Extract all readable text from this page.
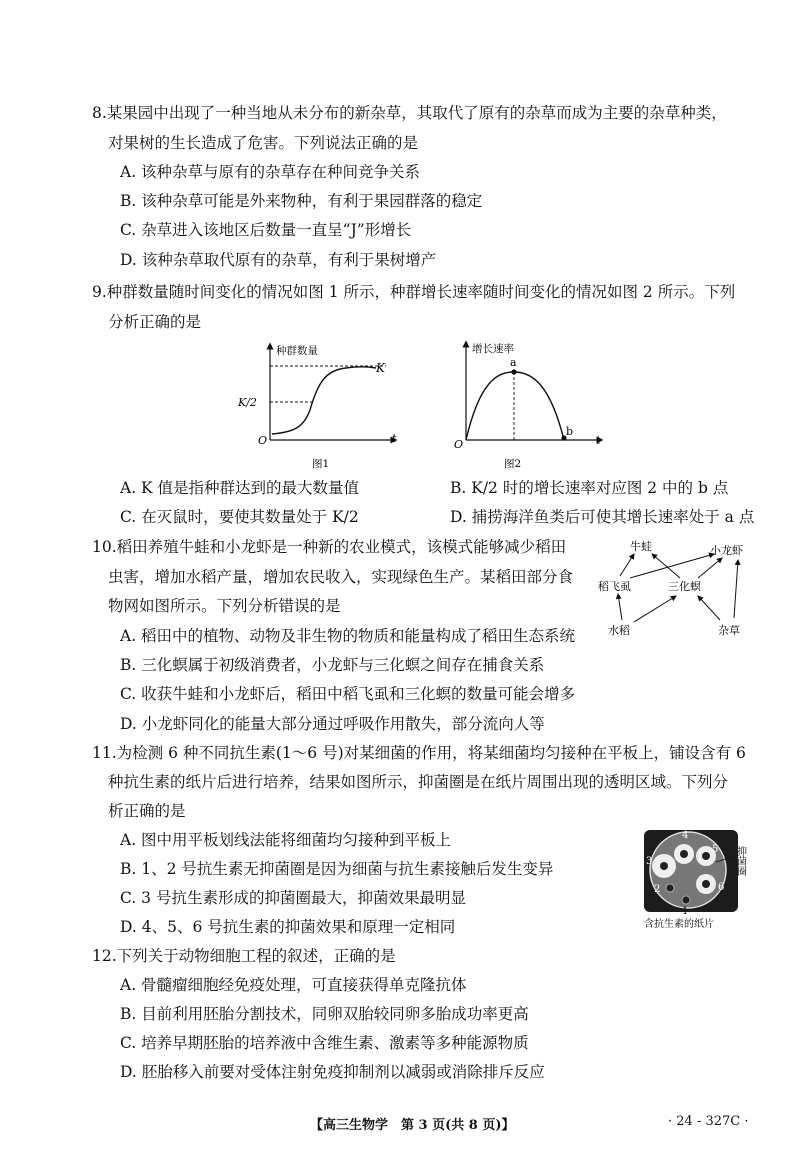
8.某果园中出现了一种当地从未分布的新杂草，其取代了原有的杂草而成为主要的杂草种类，
对果树的生长造成了危害。下列说法正确的是
A. 该种杂草与原有的杂草存在种间竞争关系
B. 该种杂草可能是外来物种，有利于果园群落的稳定
C. 杂草进入该地区后数量一直呈“J”形增长
D. 该种杂草取代原有的杂草，有利于果树增产
9.种群数量随时间变化的情况如图 1 所示，种群增长速率随时间变化的情况如图 2 所示。下列
分析正确的是
种群数量
K
K/2
O	t
图1
增长速率
a
b
O	t
图2
A. K 值是指种群达到的最大数量值	B. K/2 时的增长速率对应图 2 中的 b 点
C. 在灭鼠时，要使其数量处于 K/2	D. 捕捞海洋鱼类后可使其增长速率处于 a 点
10.稻田养殖牛蛙和小龙虾是一种新的农业模式，该模式能够减少稻田
虫害，增加水稻产量，增加农民收入，实现绿色生产。某稻田部分食
物网如图所示。下列分析错误的是
牛蛙	小龙虾
稻飞虱	三化螟
水稻	杂草
A. 稻田中的植物、动物及非生物的物质和能量构成了稻田生态系统
B. 三化螟属于初级消费者，小龙虾与三化螟之间存在捕食关系
C. 收获牛蛙和小龙虾后，稻田中稻飞虱和三化螟的数量可能会增多
D. 小龙虾同化的能量大部分通过呼吸作用散失，部分流向人等
11.为检测 6 种不同抗生素(1～6 号)对某细菌的作用，将某细菌均匀接种在平板上，铺设含有 6
种抗生素的纸片后进行培养，结果如图所示，抑菌圈是在纸片周围出现的透明区域。下列分
析正确的是
A. 图中用平板划线法能将细菌均匀接种到平板上
B. 1、2 号抗生素无抑菌圈是因为细菌与抗生素接触后发生变异
C. 3 号抗生素形成的抑菌圈最大，抑菌效果最明显
D. 4、5、6 号抗生素的抑菌效果和原理一定相同
4
5
3
6
2
1
抑菌圈
含抗生素的纸片
12.下列关于动物细胞工程的叙述，正确的是
A. 骨髓瘤细胞经免疫处理，可直接获得单克隆抗体
B. 目前利用胚胎分割技术，同卵双胎较同卵多胎成功率更高
C. 培养早期胚胎的培养液中含维生素、激素等多种能源物质
D. 胚胎移入前要对受体注射免疫抑制剂以减弱或消除排斥反应
【高三生物学　第 3 页(共 8 页)】	· 24 - 327C ·
